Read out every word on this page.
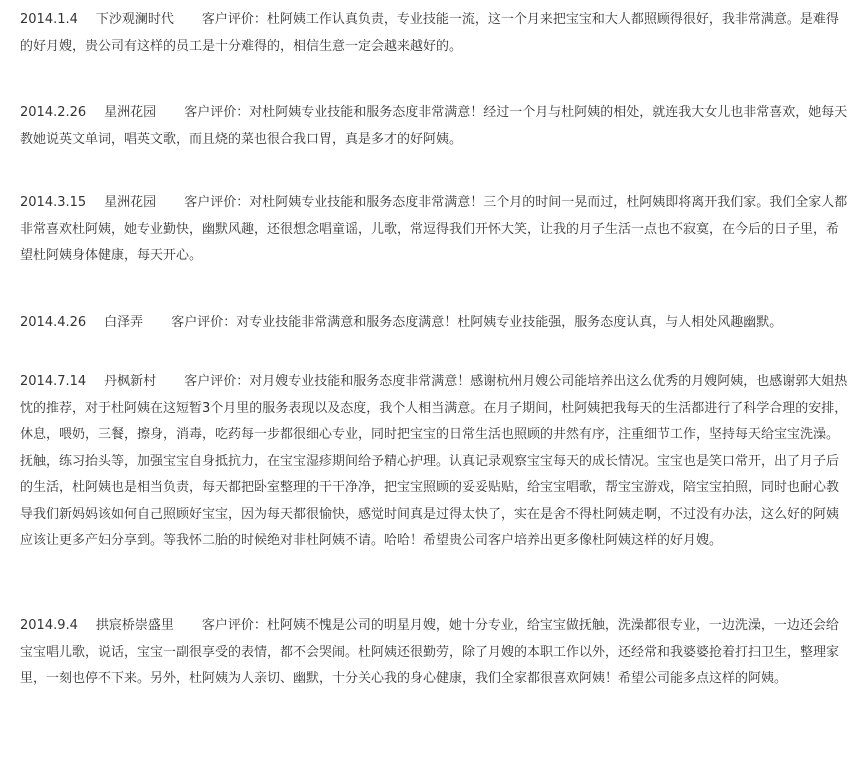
2014.1.4 下沙观澜时代 客户评价：杜阿姨工作认真负责，专业技能一流，这一个月来把宝宝和大人都照顾得很好，我非常满意。是难得的好月嫂，贵公司有这样的员工是十分难得的，相信生意一定会越来越好的。

2014.2.26 星洲花园 客户评价：对杜阿姨专业技能和服务态度非常满意！经过一个月与杜阿姨的相处，就连我大女儿也非常喜欢，她每天教她说英文单词，唱英文歌，而且烧的菜也很合我口胃，真是多才的好阿姨。

2014.3.15 星洲花园 客户评价：对杜阿姨专业技能和服务态度非常满意！三个月的时间一晃而过，杜阿姨即将离开我们家。我们全家人都非常喜欢杜阿姨，她专业勤快，幽默风趣，还很想念唱童谣，儿歌，常逗得我们开怀大笑，让我的月子生活一点也不寂寞，在今后的日子里，希望杜阿姨身体健康，每天开心。

2014.4.26 白泽弄 客户评价：对专业技能非常满意和服务态度满意！杜阿姨专业技能强，服务态度认真，与人相处风趣幽默。

2014.7.14 丹枫新村 客户评价：对月嫂专业技能和服务态度非常满意！感谢杭州月嫂公司能培养出这么优秀的月嫂阿姨，也感谢郭大姐热忱的推荐，对于杜阿姨在这短暂3个月里的服务表现以及态度，我个人相当满意。在月子期间，杜阿姨把我每天的生活都进行了科学合理的安排，休息，喂奶，三餐，擦身，消毒，吃药每一步都很细心专业，同时把宝宝的日常生活也照顾的井然有序，注重细节工作，坚持每天给宝宝洗澡。抚触，练习抬头等，加强宝宝自身抵抗力，在宝宝湿疹期间给予精心护理。认真记录观察宝宝每天的成长情况。宝宝也是笑口常开，出了月子后的生活，杜阿姨也是相当负责，每天都把卧室整理的干干净净，把宝宝照顾的妥妥贴贴，给宝宝唱歌，帮宝宝游戏，陪宝宝拍照，同时也耐心教导我们新妈妈该如何自己照顾好宝宝，因为每天都很愉快，感觉时间真是过得太快了，实在是舍不得杜阿姨走啊，不过没有办法，这么好的阿姨应该让更多产妇分享到。等我怀二胎的时候绝对非杜阿姨不请。哈哈！希望贵公司客户培养出更多像杜阿姨这样的好月嫂。

2014.9.4 拱宸桥崇盛里 客户评价：杜阿姨不愧是公司的明星月嫂，她十分专业，给宝宝做抚触，洗澡都很专业，一边洗澡，一边还会给宝宝唱儿歌，说话，宝宝一副很享受的表情，都不会哭闹。杜阿姨还很勤劳，除了月嫂的本职工作以外，还经常和我婆婆抢着打扫卫生，整理家里，一刻也停不下来。另外，杜阿姨为人亲切、幽默，十分关心我的身心健康，我们全家都很喜欢阿姨！希望公司能多点这样的阿姨。
